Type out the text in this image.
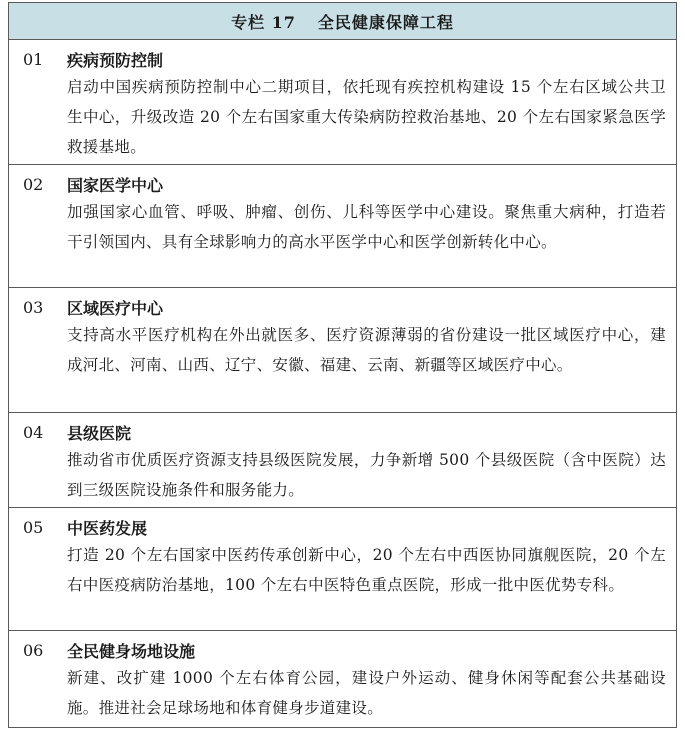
专栏 17 全民健康保障工程
01	疾病预防控制
启动中国疾病预防控制中心二期项目，依托现有疾控机构建设 15 个左右区域公共卫生中心，升级改造 20 个左右国家重大传染病防控救治基地、20 个左右国家紧急医学救援基地。
02	国家医学中心
加强国家心血管、呼吸、肿瘤、创伤、儿科等医学中心建设。聚焦重大病种，打造若干引领国内、具有全球影响力的高水平医学中心和医学创新转化中心。
03	区域医疗中心
支持高水平医疗机构在外出就医多、医疗资源薄弱的省份建设一批区域医疗中心，建成河北、河南、山西、辽宁、安徽、福建、云南、新疆等区域医疗中心。
04	县级医院
推动省市优质医疗资源支持县级医院发展，力争新增 500 个县级医院（含中医院）达到三级医院设施条件和服务能力。
05	中医药发展
打造 20 个左右国家中医药传承创新中心，20 个左右中西医协同旗舰医院，20 个左右中医疫病防治基地，100 个左右中医特色重点医院，形成一批中医优势专科。
06	全民健身场地设施
新建、改扩建 1000 个左右体育公园，建设户外运动、健身休闲等配套公共基础设施。推进社会足球场地和体育健身步道建设。
